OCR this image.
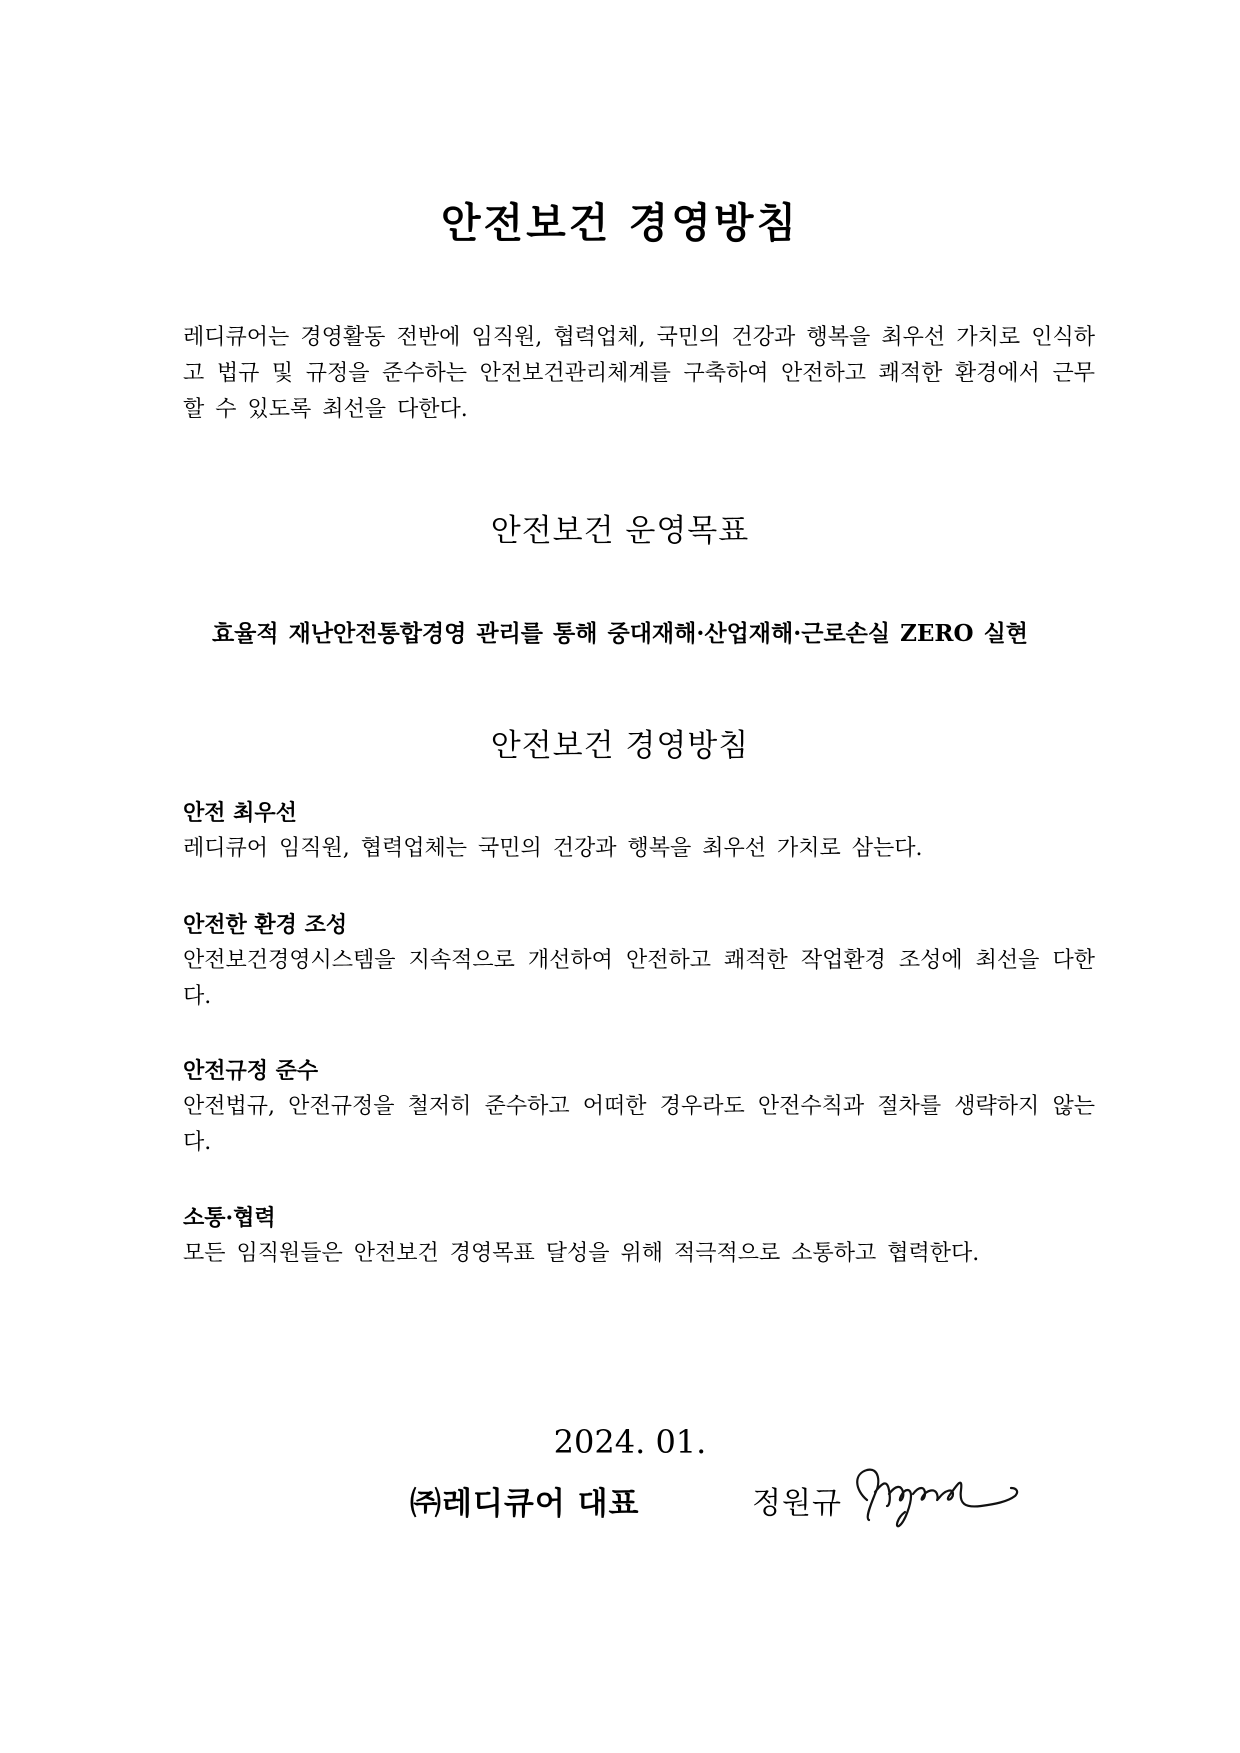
안전보건 경영방침

레디큐어는 경영활동 전반에 임직원, 협력업체, 국민의 건강과 행복을 최우선 가치로 인식하고 법규 및 규정을 준수하는 안전보건관리체계를 구축하여 안전하고 쾌적한 환경에서 근무할 수 있도록 최선을 다한다.

안전보건 운영목표

효율적 재난안전통합경영 관리를 통해 중대재해·산업재해·근로손실 ZERO 실현

안전보건 경영방침

안전 최우선

레디큐어 임직원, 협력업체는 국민의 건강과 행복을 최우선 가치로 삼는다.

안전한 환경 조성

안전보건경영시스템을 지속적으로 개선하여 안전하고 쾌적한 작업환경 조성에 최선을 다한다.

안전규정 준수

안전법규, 안전규정을 철저히 준수하고 어떠한 경우라도 안전수칙과 절차를 생략하지 않는다.

소통·협력

모든 임직원들은 안전보건 경영목표 달성을 위해 적극적으로 소통하고 협력한다.

2024. 01.

㈜레디큐어 대표	정원규
